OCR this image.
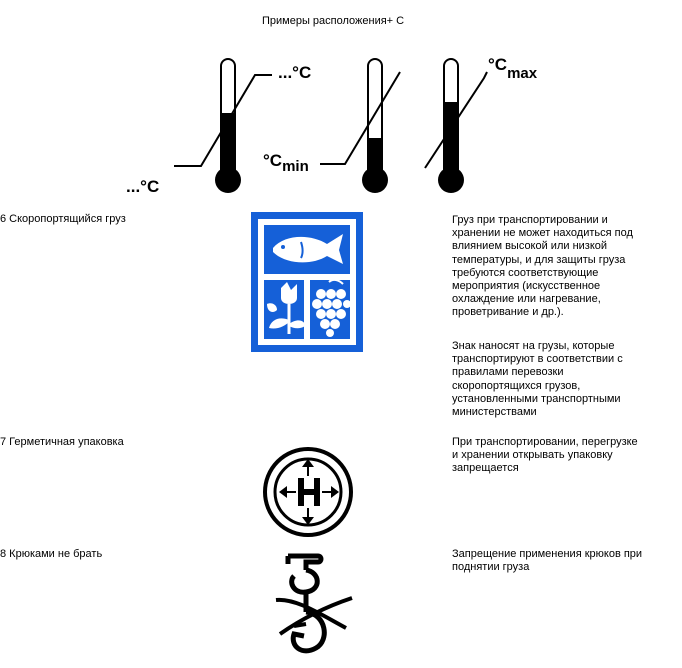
Примеры расположения+ С
...°C
...°C
°Cmin
°Cmax
6 Скоропортящийся груз	Груз при транспортировании и
хранении не может находиться под
влиянием высокой или низкой
температуры, и для защиты груза
требуются соответствующие
мероприятия (искусственное
охлаждение или нагревание,
проветривание и др.).
Знак наносят на грузы, которые
транспортируют в соответствии с
правилами перевозки
скоропортящихся грузов,
установленными транспортными
министерствами
7 Герметичная упаковка	При транспортировании, перегрузке
и хранении открывать упаковку
запрещается
8 Крюками не брать	Запрещение применения крюков при
поднятии груза
